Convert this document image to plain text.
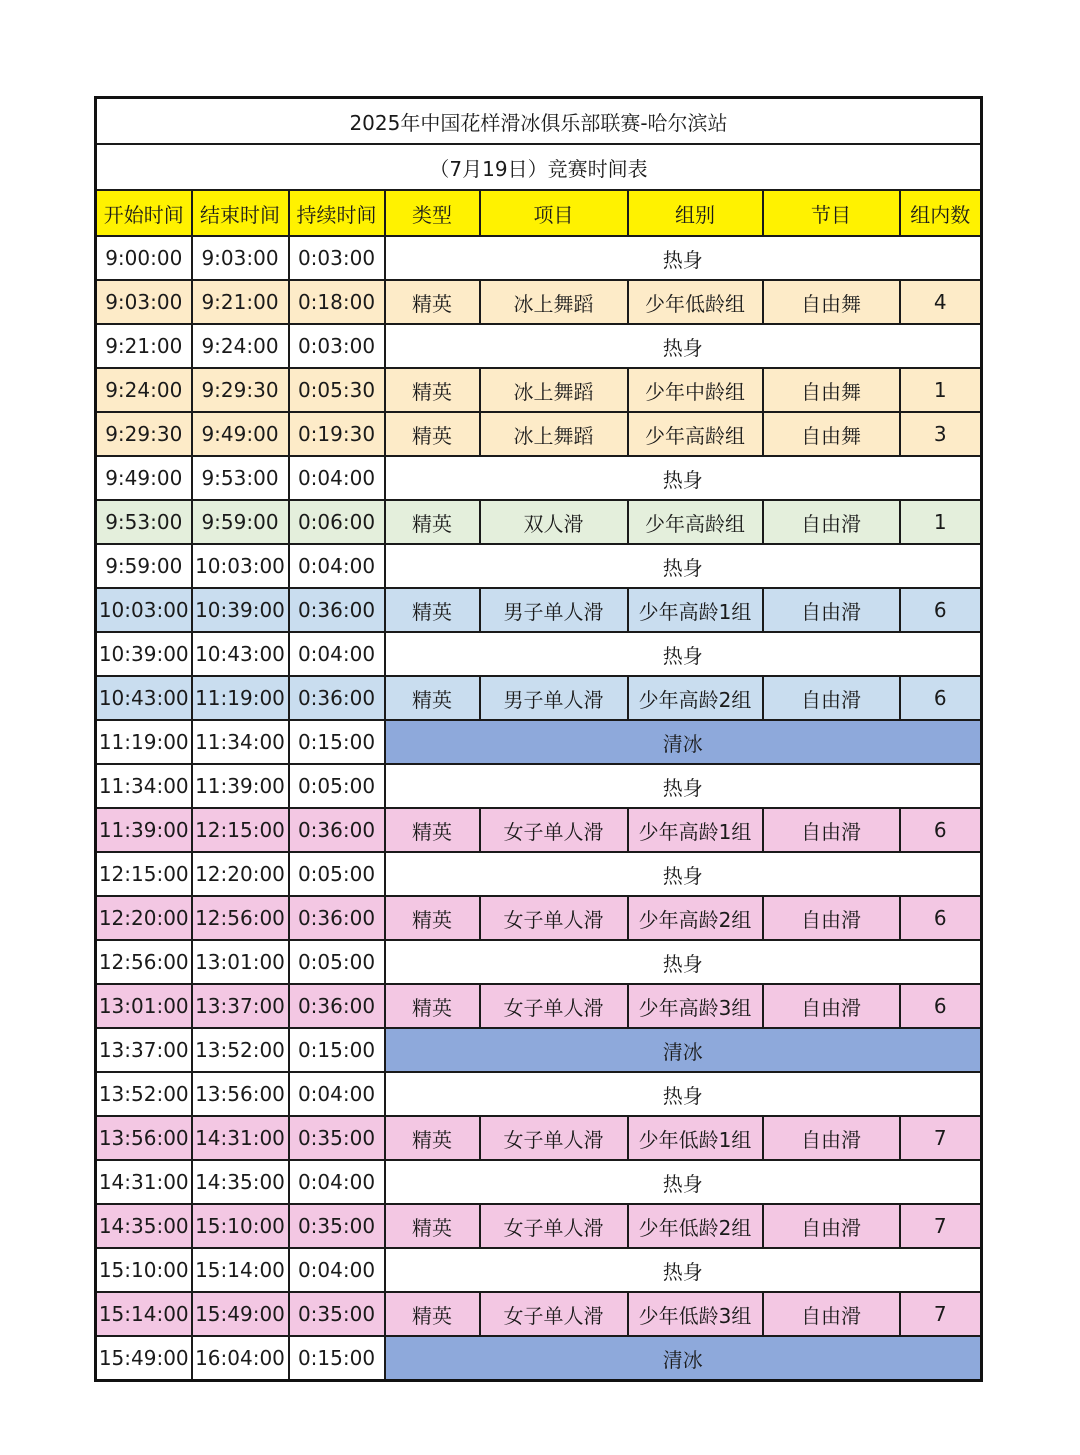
2025年中国花样滑冰俱乐部联赛-哈尔滨站							
（7月19日）竞赛时间表							
开始时间	结束时间	持续时间	类型	项目	组别	节目	组内数
9:00:00	9:03:00	0:03:00	热身				
9:03:00	9:21:00	0:18:00	精英	冰上舞蹈	少年低龄组	自由舞	4
9:21:00	9:24:00	0:03:00	热身				
9:24:00	9:29:30	0:05:30	精英	冰上舞蹈	少年中龄组	自由舞	1
9:29:30	9:49:00	0:19:30	精英	冰上舞蹈	少年高龄组	自由舞	3
9:49:00	9:53:00	0:04:00	热身				
9:53:00	9:59:00	0:06:00	精英	双人滑	少年高龄组	自由滑	1
9:59:00	10:03:00	0:04:00	热身				
10:03:00	10:39:00	0:36:00	精英	男子单人滑	少年高龄1组	自由滑	6
10:39:00	10:43:00	0:04:00	热身				
10:43:00	11:19:00	0:36:00	精英	男子单人滑	少年高龄2组	自由滑	6
11:19:00	11:34:00	0:15:00	清冰				
11:34:00	11:39:00	0:05:00	热身				
11:39:00	12:15:00	0:36:00	精英	女子单人滑	少年高龄1组	自由滑	6
12:15:00	12:20:00	0:05:00	热身				
12:20:00	12:56:00	0:36:00	精英	女子单人滑	少年高龄2组	自由滑	6
12:56:00	13:01:00	0:05:00	热身				
13:01:00	13:37:00	0:36:00	精英	女子单人滑	少年高龄3组	自由滑	6
13:37:00	13:52:00	0:15:00	清冰				
13:52:00	13:56:00	0:04:00	热身				
13:56:00	14:31:00	0:35:00	精英	女子单人滑	少年低龄1组	自由滑	7
14:31:00	14:35:00	0:04:00	热身				
14:35:00	15:10:00	0:35:00	精英	女子单人滑	少年低龄2组	自由滑	7
15:10:00	15:14:00	0:04:00	热身				
15:14:00	15:49:00	0:35:00	精英	女子单人滑	少年低龄3组	自由滑	7
15:49:00	16:04:00	0:15:00	清冰				
